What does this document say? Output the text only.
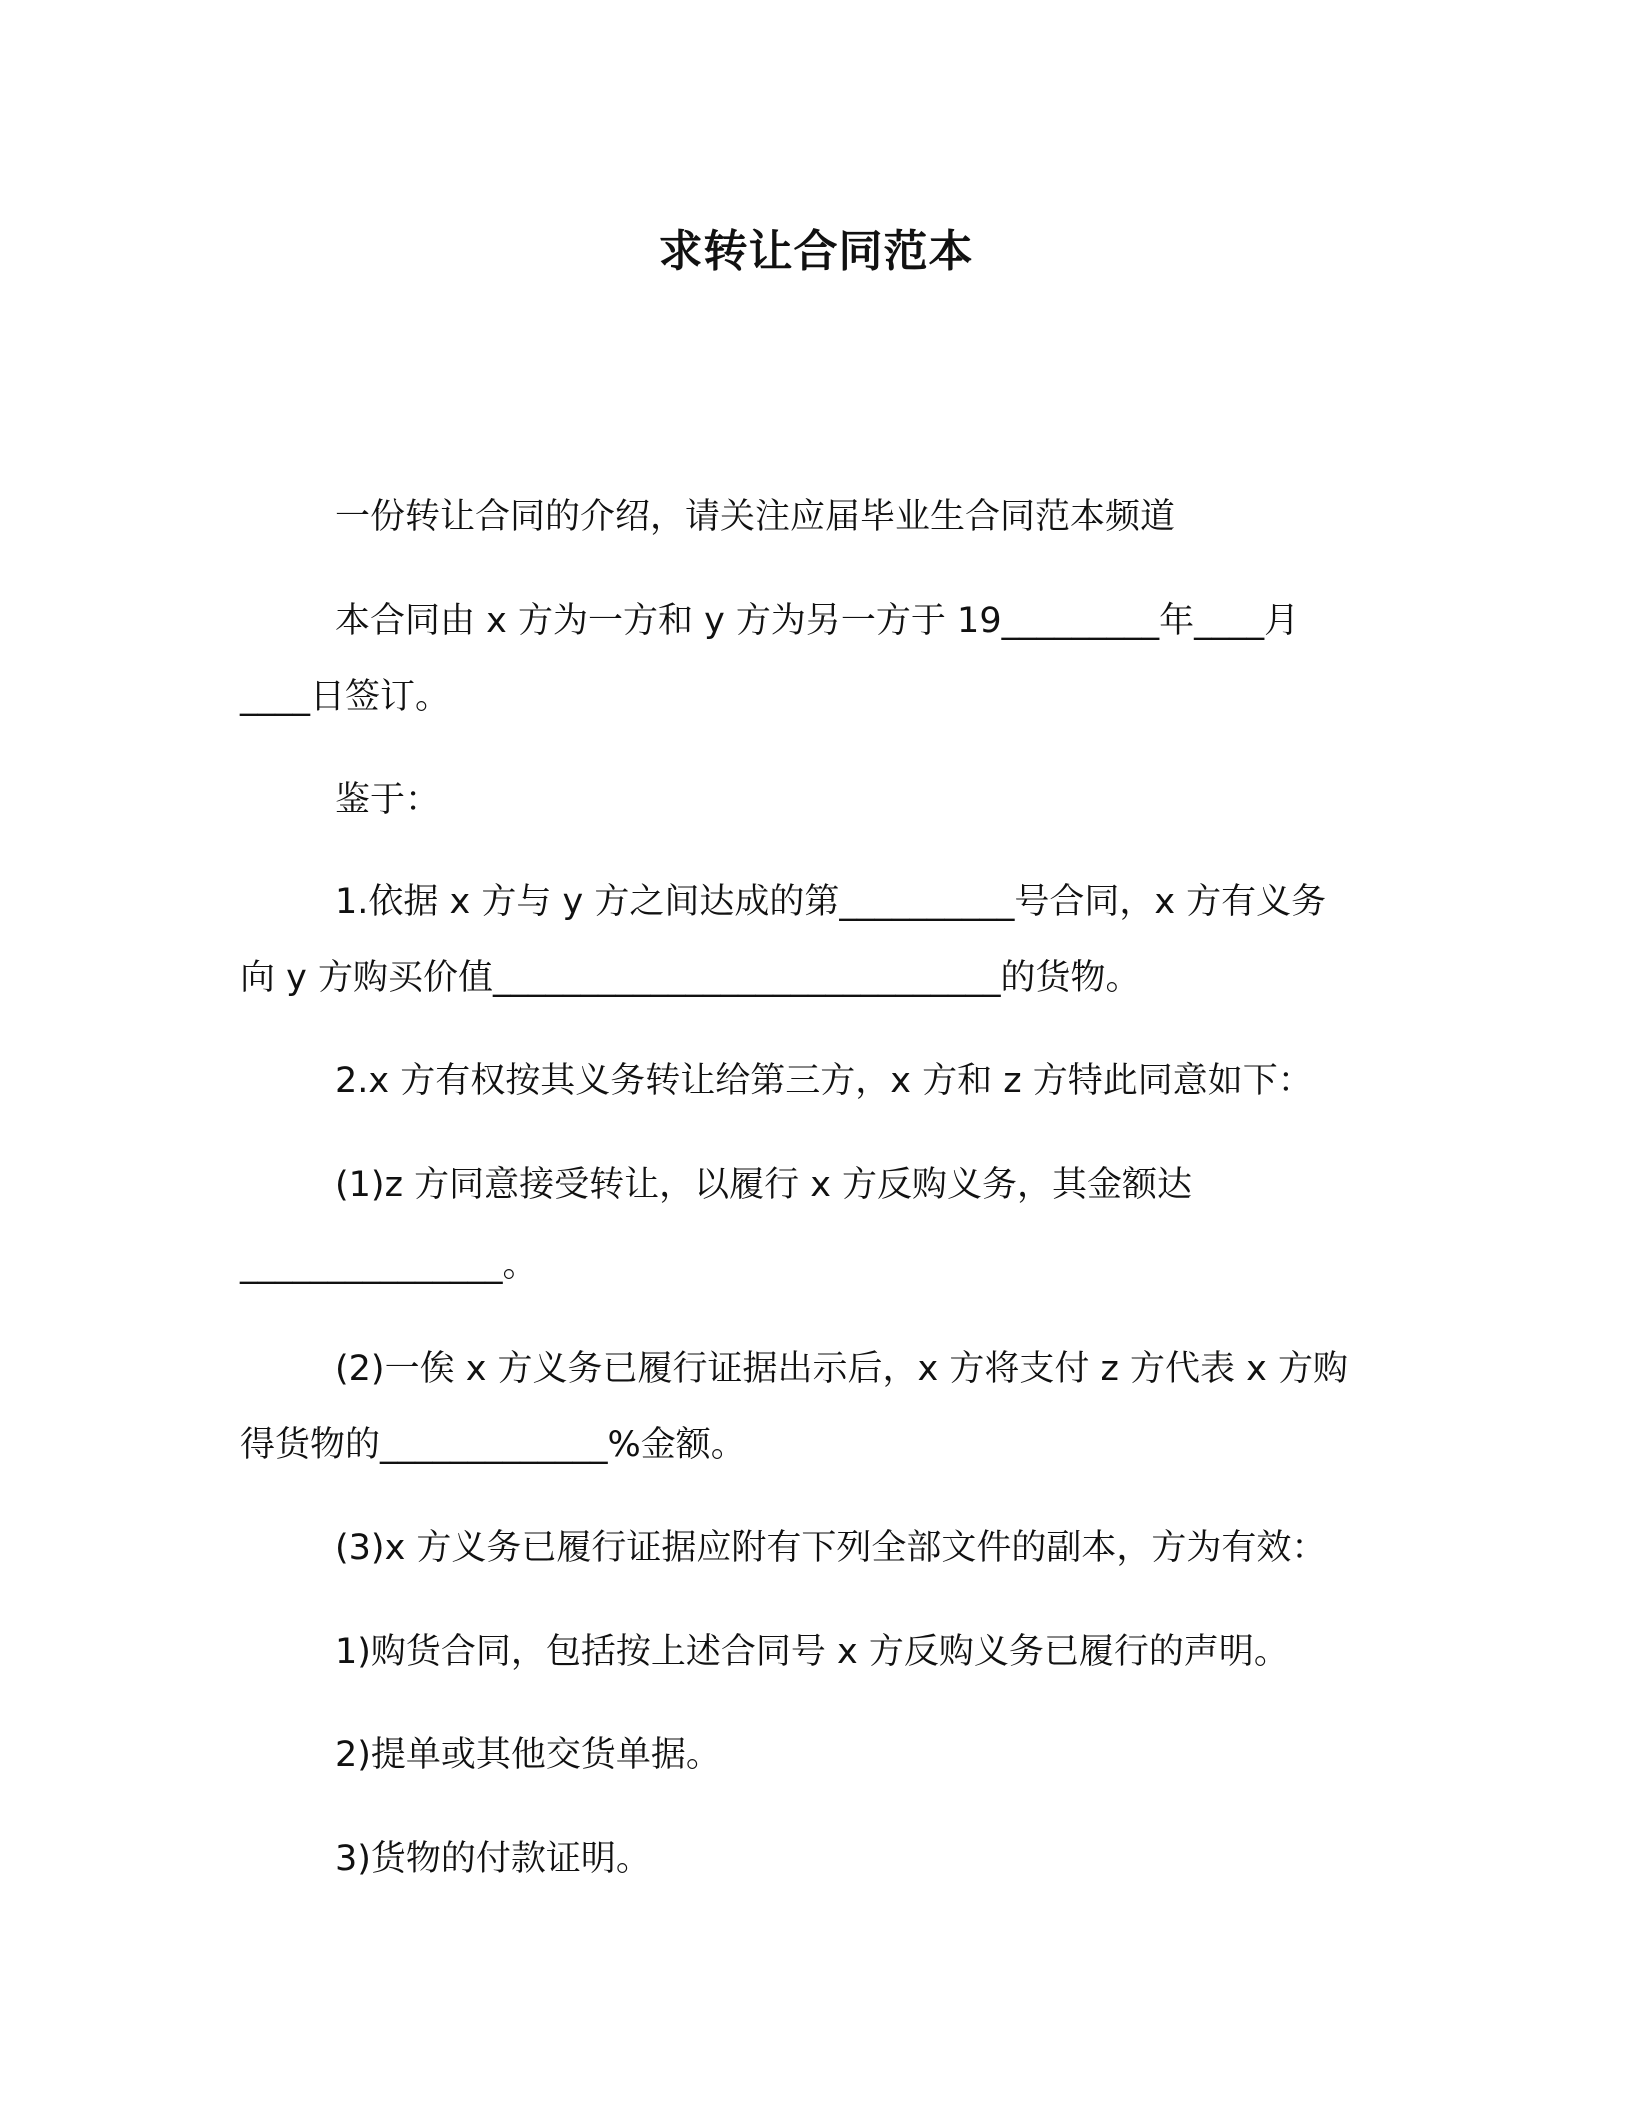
求转让合同范本
一份转让合同的介绍，请关注应届毕业生合同范本频道
本合同由 x 方为一方和 y 方为另一方于 19_________年____月
____日签订。
鉴于：
1.依据 x 方与 y 方之间达成的第__________号合同，x 方有义务
向 y 方购买价值_____________________________的货物。
2.x 方有权按其义务转让给第三方，x 方和 z 方特此同意如下：
(1)z 方同意接受转让，以履行 x 方反购义务，其金额达
_______________。
(2)一俟 x 方义务已履行证据出示后，x 方将支付 z 方代表 x 方购
得货物的_____________%金额。
(3)x 方义务已履行证据应附有下列全部文件的副本，方为有效：
1)购货合同，包括按上述合同号 x 方反购义务已履行的声明。
2)提单或其他交货单据。
3)货物的付款证明。
